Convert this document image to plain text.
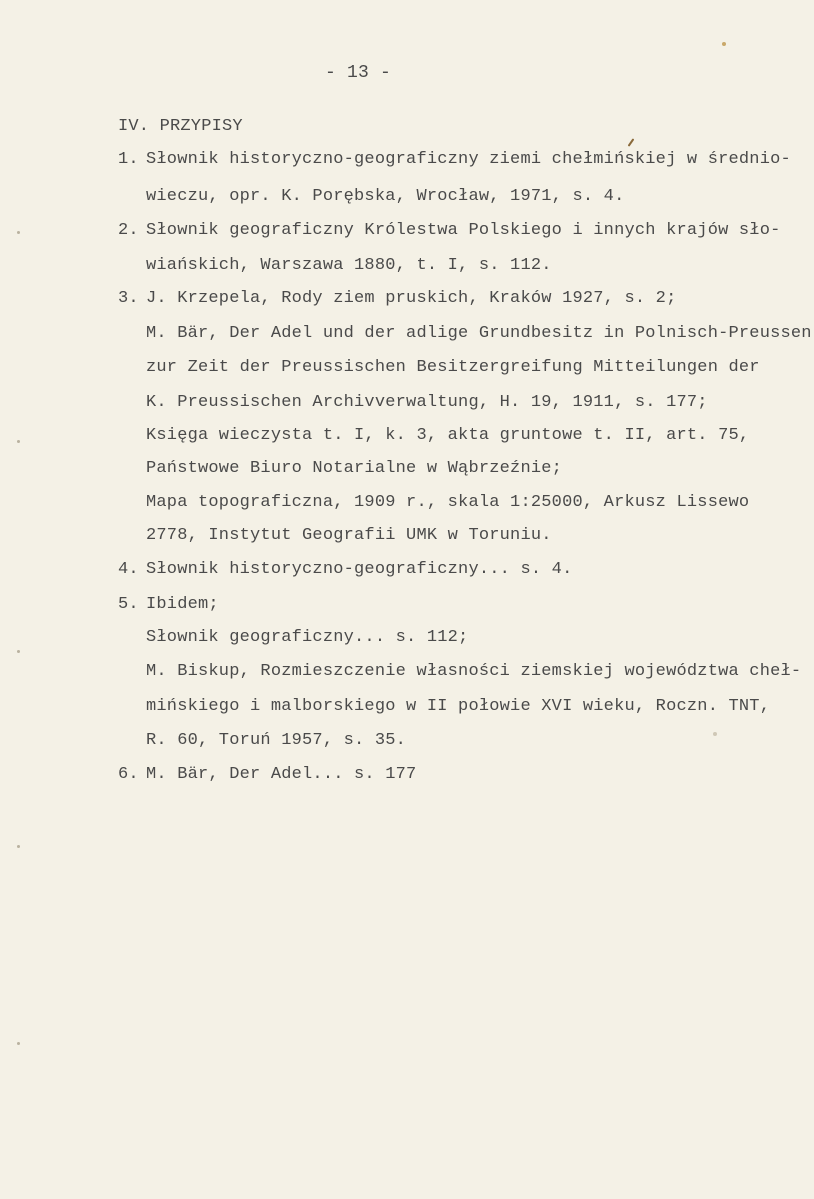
- 13 -
IV. PRZYPISY
1. Słownik historyczno-geograficzny ziemi chełmińskiej w średnio-
wieczu, opr. K. Porębska, Wrocław, 1971, s. 4.
2. Słownik geograficzny Królestwa Polskiego i innych krajów sło-
wiańskich, Warszawa 1880, t. I, s. 112.
3. J. Krzepela, Rody ziem pruskich, Kraków 1927, s. 2;
M. Bär, Der Adel und der adlige Grundbesitz in Polnisch-Preussen
zur Zeit der Preussischen Besitzergreifung Mitteilungen der
K. Preussischen Archivverwaltung, H. 19, 1911, s. 177;
Księga wieczysta t. I, k. 3, akta gruntowe t. II, art. 75,
Państwowe Biuro Notarialne w Wąbrzeźnie;
Mapa topograficzna, 1909 r., skala 1:25000, Arkusz Lissewo
2778, Instytut Geografii UMK w Toruniu.
4. Słownik historyczno-geograficzny... s. 4.
5. Ibidem;
Słownik geograficzny... s. 112;
M. Biskup, Rozmieszczenie własności ziemskiej województwa cheł-
mińskiego i malborskiego w II połowie XVI wieku, Roczn. TNT,
R. 60, Toruń 1957, s. 35.
6. M. Bär, Der Adel... s. 177
